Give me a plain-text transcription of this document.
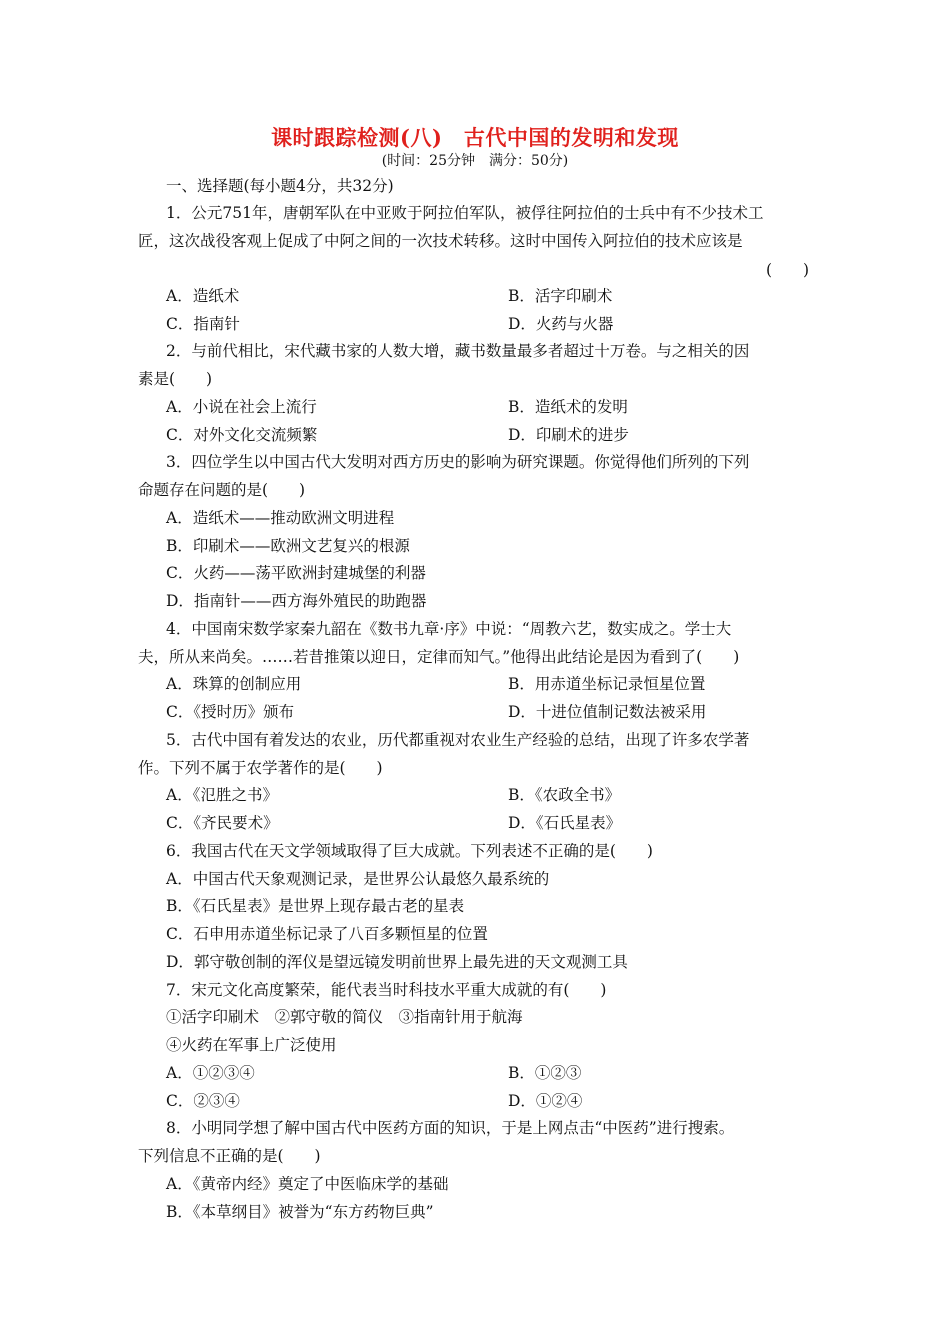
课时跟踪检测(八)　古代中国的发明和发现
(时间：25分钟　满分：50分)
一、选择题(每小题4分，共32分)
1．公元751年，唐朝军队在中亚败于阿拉伯军队，被俘往阿拉伯的士兵中有不少技术工
匠，这次战役客观上促成了中阿之间的一次技术转移。这时中国传入阿拉伯的技术应该是
(　　)
A．造纸术	B．活字印刷术
C．指南针	D．火药与火器
2．与前代相比，宋代藏书家的人数大增，藏书数量最多者超过十万卷。与之相关的因
素是(　　)
A．小说在社会上流行	B．造纸术的发明
C．对外文化交流频繁	D．印刷术的进步
3．四位学生以中国古代大发明对西方历史的影响为研究课题。你觉得他们所列的下列
命题存在问题的是(　　)
A．造纸术——推动欧洲文明进程
B．印刷术——欧洲文艺复兴的根源
C．火药——荡平欧洲封建城堡的利器
D．指南针——西方海外殖民的助跑器
4．中国南宋数学家秦九韶在《数书九章·序》中说：“周教六艺，数实成之。学士大
夫，所从来尚矣。……若昔推策以迎日，定律而知气。”他得出此结论是因为看到了(　　)
A．珠算的创制应用	B．用赤道坐标记录恒星位置
C．《授时历》颁布	D．十进位值制记数法被采用
5．古代中国有着发达的农业，历代都重视对农业生产经验的总结，出现了许多农学著
作。下列不属于农学著作的是(　　)
A．《氾胜之书》	B．《农政全书》
C．《齐民要术》	D．《石氏星表》
6．我国古代在天文学领域取得了巨大成就。下列表述不正确的是(　　)
A．中国古代天象观测记录，是世界公认最悠久最系统的
B．《石氏星表》是世界上现存最古老的星表
C．石申用赤道坐标记录了八百多颗恒星的位置
D．郭守敬创制的浑仪是望远镜发明前世界上最先进的天文观测工具
7．宋元文化高度繁荣，能代表当时科技水平重大成就的有(　　)
①活字印刷术　②郭守敬的简仪　③指南针用于航海
④火药在军事上广泛使用
A．①②③④	B．①②③
C．②③④	D．①②④
8．小明同学想了解中国古代中医药方面的知识，于是上网点击“中医药”进行搜索。
下列信息不正确的是(　　)
A．《黄帝内经》奠定了中医临床学的基础
B．《本草纲目》被誉为“东方药物巨典”
